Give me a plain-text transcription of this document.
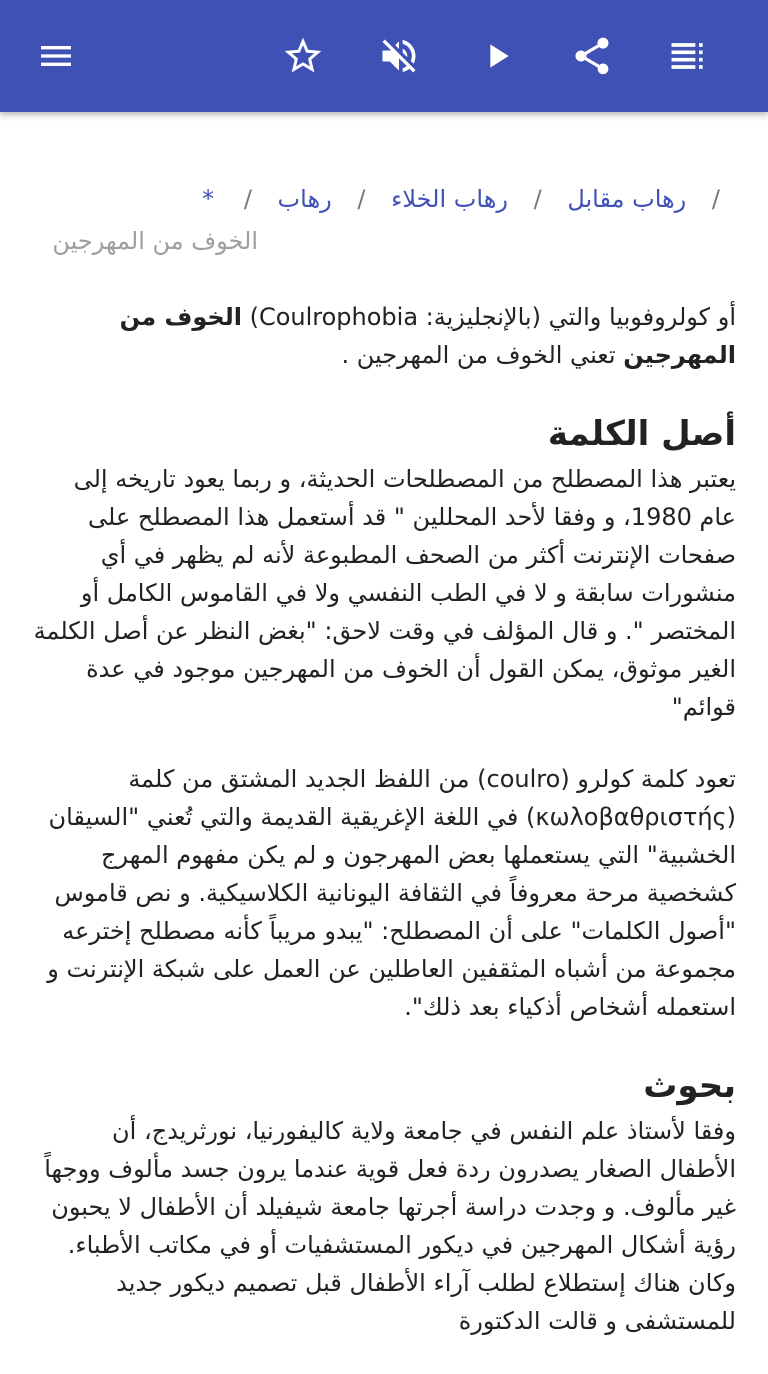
/ رهاب مقابل / رهاب الخلاء / رهاب / *
الخوف من المهرجين

أو كولروفوبيا والتي (بالإنجليزية: Coulrophobia) الخوف من المهرجين تعني الخوف من المهرجين .

أصل الكلمة

يعتبر هذا المصطلح من المصطلحات الحديثة، و ربما يعود تاريخه إلى عام 1980، و وفقا لأحد المحللين " قد أستعمل هذا المصطلح على صفحات الإنترنت أكثر من الصحف المطبوعة لأنه لم يظهر في أي منشورات سابقة و لا في الطب النفسي ولا في القاموس الكامل أو المختصر ". و قال المؤلف في وقت لاحق: "بغض النظر عن أصل الكلمة الغير موثوق، يمكن القول أن الخوف من المهرجين موجود في عدة قوائم"

تعود كلمة كولرو (coulro) من اللفظ الجديد المشتق من كلمة (κωλοβαθριστής) في اللغة الإغريقية القديمة والتي تُعني "السيقان الخشبية" التي يستعملها بعض المهرجون و لم يكن مفهوم المهرج كشخصية مرحة معروفاً في الثقافة اليونانية الكلاسيكية. و نص قاموس "أصول الكلمات" على أن المصطلح: "يبدو مريباً كأنه مصطلح إخترعه مجموعة من أشباه المثقفين العاطلين عن العمل على شبكة الإنترنت و استعمله أشخاص أذكياء بعد ذلك".

بحوث

وفقا لأستاذ علم النفس في جامعة ولاية كاليفورنيا، نورثريدج، أن الأطفال الصغار يصدرون ردة فعل قوية عندما يرون جسد مألوف ووجهاً غير مألوف. و وجدت دراسة أجرتها جامعة شيفيلد أن الأطفال لا يحبون رؤية أشكال المهرجين في ديكور المستشفيات أو في مكاتب الأطباء. وكان هناك إستطلاع لطلب آراء الأطفال قبل تصميم ديكور جديد للمستشفى و قالت الدكتورة
